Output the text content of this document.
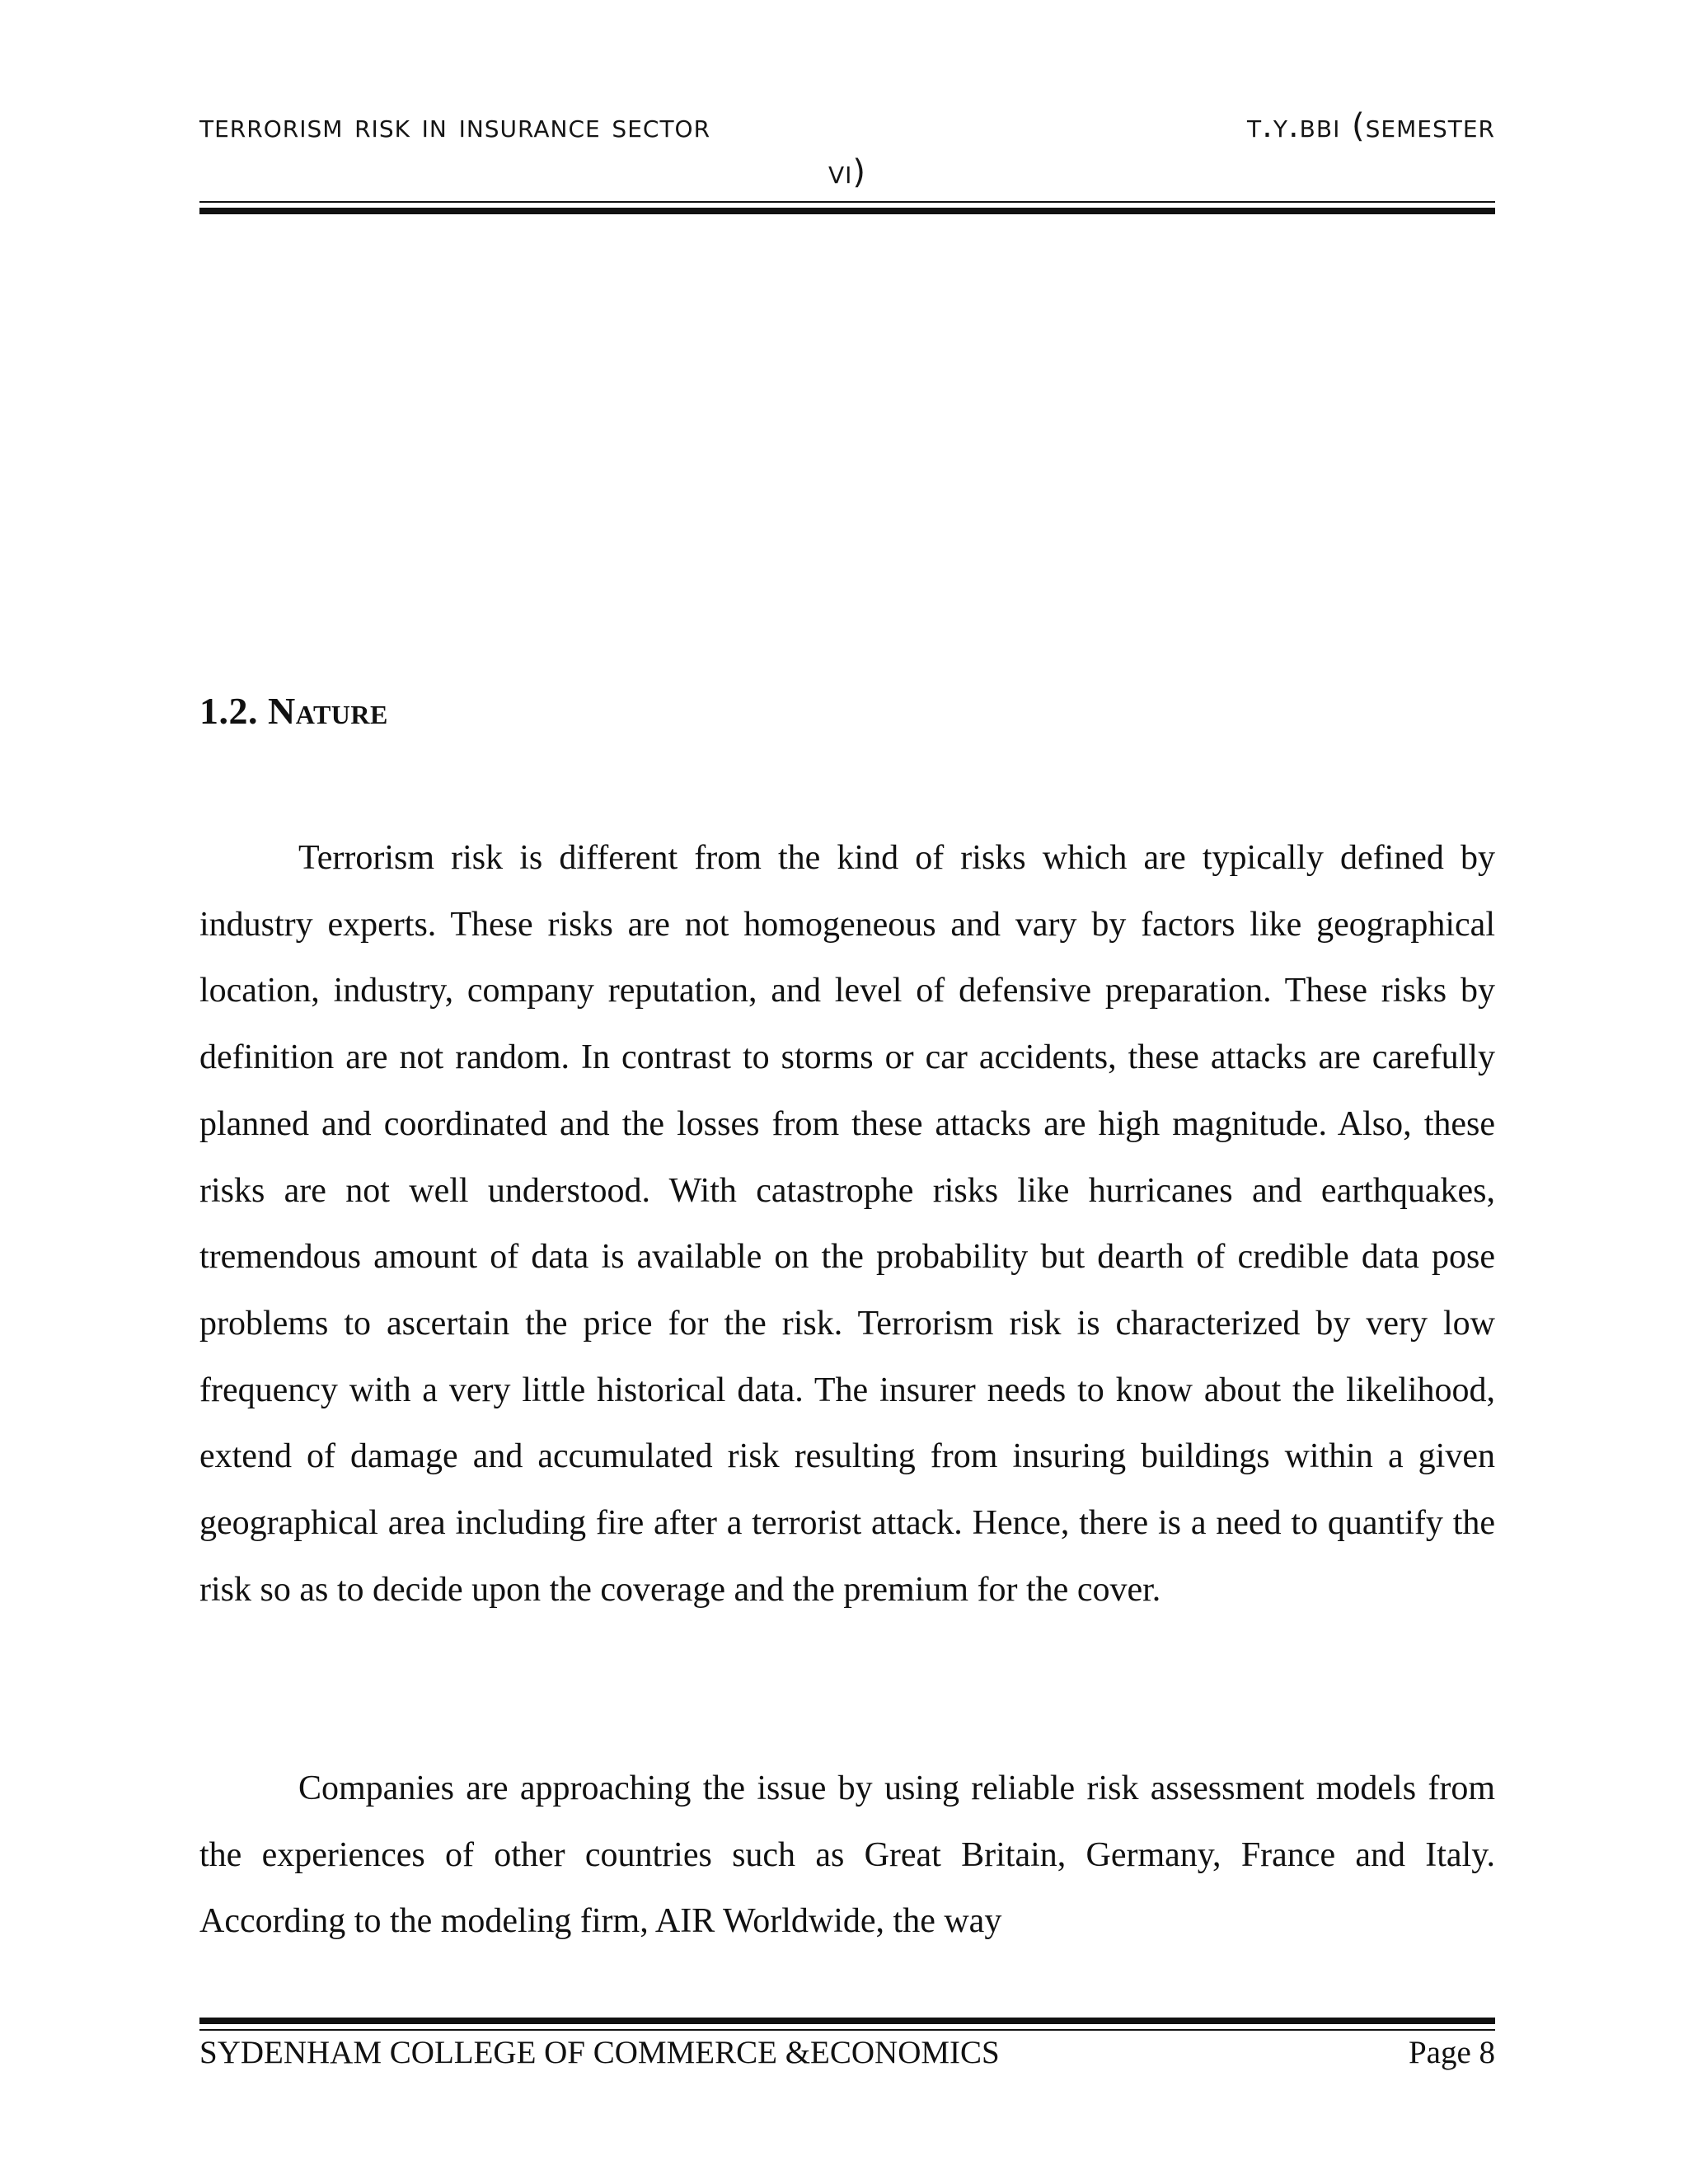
terrorism risk in insurance sector	t.y.bbi (semester
vi)
1.2. Nature

Terrorism risk is different from the kind of risks which are typically defined by industry experts. These risks are not homogeneous and vary by factors like geographical location, industry, company reputation, and level of defensive preparation. These risks by definition are not random. In contrast to storms or car accidents, these attacks are carefully planned and coordinated and the losses from these attacks are high magnitude. Also, these risks are not well understood. With catastrophe risks like hurricanes and earthquakes, tremendous amount of data is available on the probability but dearth of credible data pose problems to ascertain the price for the risk. Terrorism risk is characterized by very low frequency with a very little historical data. The insurer needs to know about the likelihood, extend of damage and accumulated risk resulting from insuring buildings within a given geographical area including fire after a terrorist attack. Hence, there is a need to quantify the risk so as to decide upon the coverage and the premium for the cover.

Companies are approaching the issue by using reliable risk assessment models from the experiences of other countries such as Great Britain, Germany, France and Italy. According to the modeling firm, AIR Worldwide, the way

SYDENHAM COLLEGE OF COMMERCE &ECONOMICS	Page 8
